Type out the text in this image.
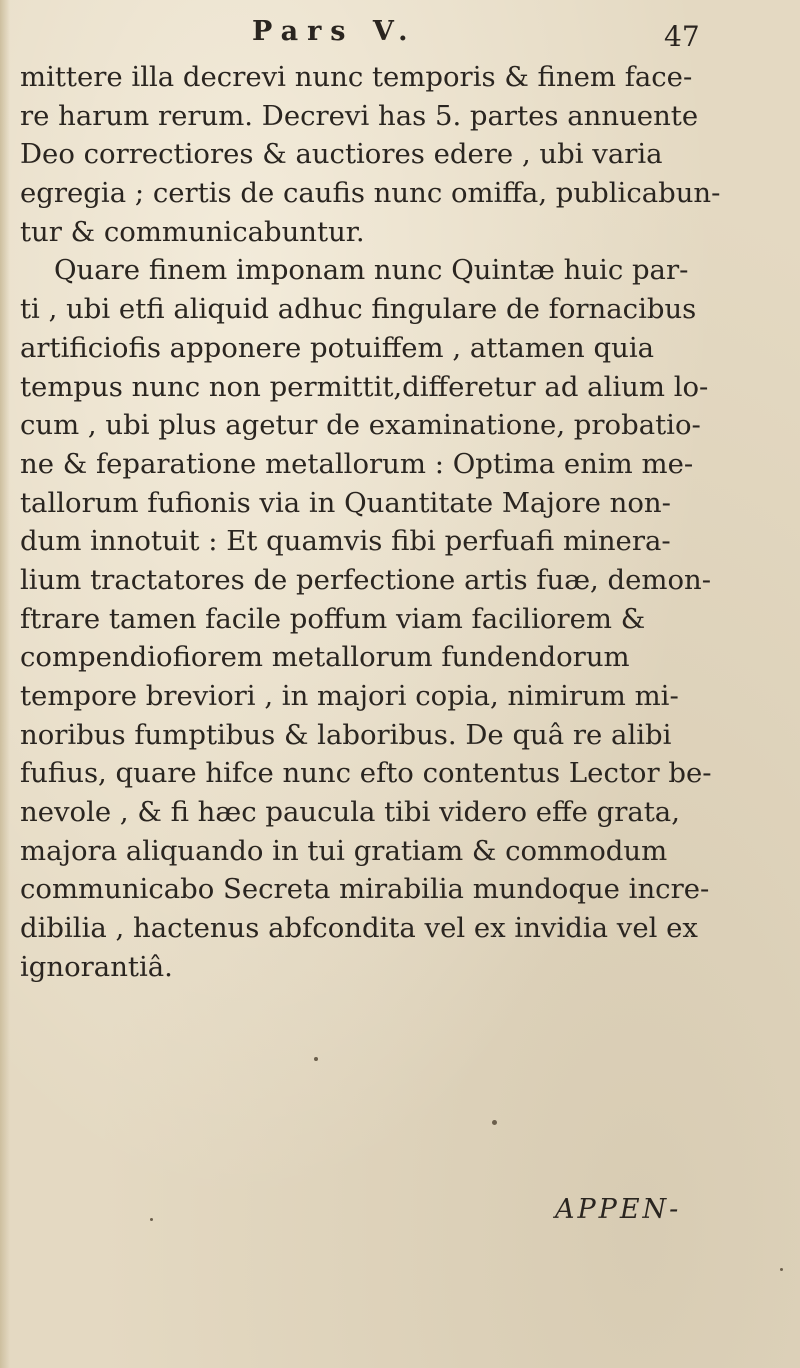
Pars V.	47
mittere illa decrevi nunc temporis & finem face-
re harum rerum. Decrevi has 5. partes annuente
Deo correctiores & auctiores edere , ubi varia
egregia ; certis de caufis nunc omiffa, publicabun-
tur & communicabuntur.
Quare finem imponam nunc Quintæ huic par-
ti , ubi etfi aliquid adhuc fingulare de fornacibus
artificiofis apponere potuiffem , attamen quia
tempus nunc non permittit,differetur ad alium lo-
cum , ubi plus agetur de examinatione, probatio-
ne & feparatione metallorum : Optima enim me-
tallorum fufionis via in Quantitate Majore non-
dum innotuit : Et quamvis fibi perfuafi minera-
lium tractatores de perfectione artis fuæ, demon-
ftrare tamen facile poffum viam faciliorem &
compendiofiorem metallorum fundendorum
tempore breviori , in majori copia, nimirum mi-
noribus fumptibus & laboribus. De quâ re alibi
fufius, quare hifce nunc efto contentus Lector be-
nevole , & fi hæc paucula tibi videro effe grata,
majora aliquando in tui gratiam & commodum
communicabo Secreta mirabilia mundoque incre-
dibilia , hactenus abfcondita vel ex invidia vel ex
ignorantiâ.
APPEN-
